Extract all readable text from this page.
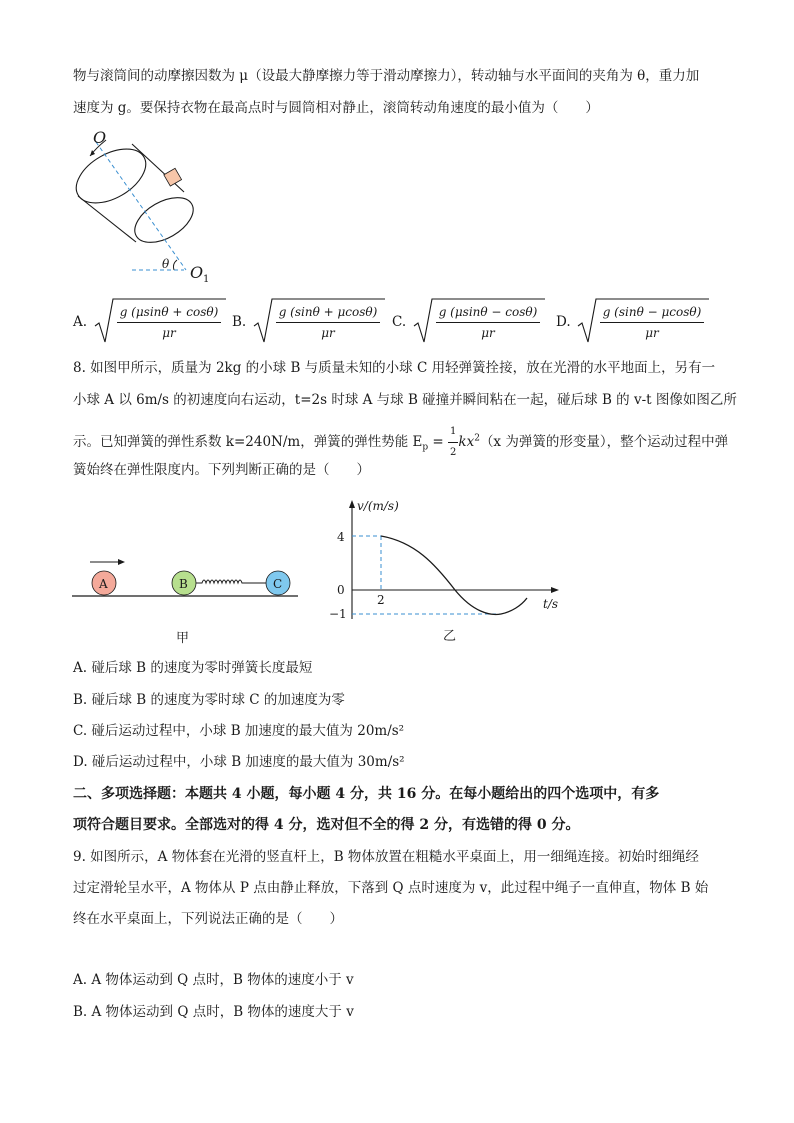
物与滚筒间的动摩擦因数为 μ（设最大静摩擦力等于滑动摩擦力），转动轴与水平面间的夹角为 θ，重力加
速度为 g。要保持衣物在最高点时与圆筒相对静止，滚筒转动角速度的最小值为（　　）
O
θ O 1
A. $\frac{g (\mu\sin\theta + \cos\theta)}{\mu r} B$. $\frac{g (\sin\theta + \mu\cos\theta)}{\mu r} C$. $\frac{g (\mu\sin\theta - \cos\theta)}{\mu r} D$. $\frac{g (\sin\theta - \mu\cos\theta)}{\mu r}$
8. 如图甲所示，质量为 2kg 的小球 B 与质量未知的小球 C 用轻弹簧拴接，放在光滑的水平地面上，另有一
小球 A 以 6m/s 的初速度向右运动，t=2s 时球 A 与球 B 碰撞并瞬间粘在一起，碰后球 B 的 v-t 图像如图乙所
示。已知弹簧的弹性系数 k=240N/m，弹簧的弹性势能 $E_p = \frac{1}{2} kx^2(x$ 为弹簧的形变量），整个运动过程中弹
簧始终在弹性限度内。下列判断正确的是（　　）
A	B	C
甲
v/(m/s)
t/s
4
0
−1
2
乙
A. 碰后球 B 的速度为零时弹簧长度最短
B. 碰后球 B 的速度为零时球 C 的加速度为零
C. 碰后运动过程中，小球 B 加速度的最大值为 20m/s²
D. 碰后运动过程中，小球 B 加速度的最大值为 30m/s²
二、多项选择题：本题共 4 小题，每小题 4 分，共 16 分。在每小题给出的四个选项中，有多
项符合题目要求。全部选对的得 4 分，选对但不全的得 2 分，有选错的得 0 分。
9. 如图所示，A 物体套在光滑的竖直杆上，B 物体放置在粗糙水平桌面上，用一细绳连接。初始时细绳经
过定滑轮呈水平，A 物体从 P 点由静止释放，下落到 Q 点时速度为 v，此过程中绳子一直伸直，物体 B 始
终在水平桌面上，下列说法正确的是（　　）
A. A 物体运动到 Q 点时，B 物体的速度小于 v
B. A 物体运动到 Q 点时，B 物体的速度大于 v
